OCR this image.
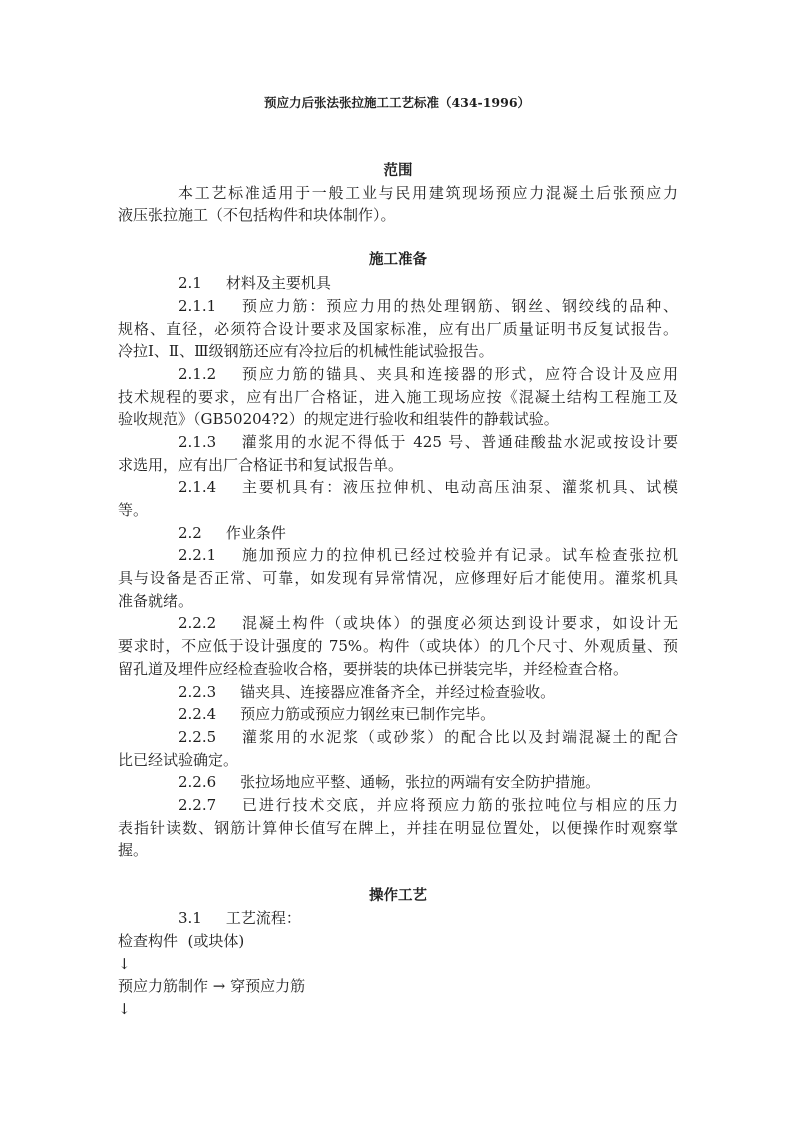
预应力后张法张拉施工工艺标准（434-1996）
范围
本工艺标准适用于一般工业与民用建筑现场预应力混凝土后张预应力
液压张拉施工（不包括构件和块体制作）。
施工准备
2.1 材料及主要机具
2.1.1 预应力筋：预应力用的热处理钢筋、钢丝、钢绞线的品种、
规格、直径，必须符合设计要求及国家标准，应有出厂质量证明书反复试报告。
冷拉Ⅰ、Ⅱ、Ⅲ级钢筋还应有冷拉后的机械性能试验报告。
2.1.2 预应力筋的锚具、夹具和连接器的形式，应符合设计及应用
技术规程的要求，应有出厂合格证，进入施工现场应按《混凝土结构工程施工及
验收规范》（GB50204?2）的规定进行验收和组装件的静载试验。
2.1.3 灌浆用的水泥不得低于 425 号、普通硅酸盐水泥或按设计要
求选用，应有出厂合格证书和复试报告单。
2.1.4 主要机具有：液压拉伸机、电动高压油泵、灌浆机具、试模
等。
2.2 作业条件
2.2.1 施加预应力的拉伸机已经过校验并有记录。试车检查张拉机
具与设备是否正常、可靠，如发现有异常情况，应修理好后才能使用。灌浆机具
准备就绪。
2.2.2 混凝土构件（或块体）的强度必须达到设计要求，如设计无
要求时，不应低于设计强度的 75%。构件（或块体）的几个尺寸、外观质量、预
留孔道及埋件应经检查验收合格，要拼装的块体已拼装完毕，并经检查合格。
2.2.3 锚夹具、连接器应准备齐全，并经过检查验收。
2.2.4 预应力筋或预应力钢丝束已制作完毕。
2.2.5 灌浆用的水泥浆（或砂浆）的配合比以及封端混凝土的配合
比已经试验确定。
2.2.6 张拉场地应平整、通畅，张拉的两端有安全防护措施。
2.2.7 已进行技术交底，并应将预应力筋的张拉吨位与相应的压力
表指针读数、钢筋计算伸长值写在牌上，并挂在明显位置处，以便操作时观察掌
握。
操作工艺
3.1 工艺流程：
检查构件  (或块体)
↓
预应力筋制作 → 穿预应力筋
↓
